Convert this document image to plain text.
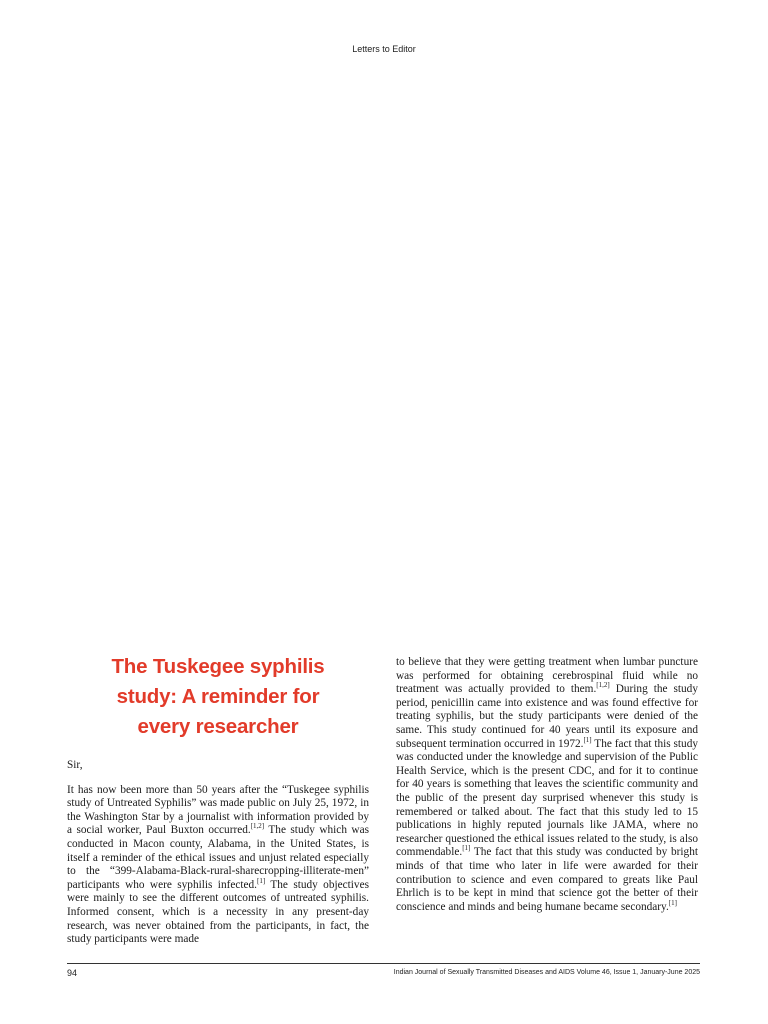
Letters to Editor
The Tuskegee syphilis
study: A reminder for
every researcher

Sir,

It has now been more than 50 years after the “Tuskegee syphilis study of Untreated Syphilis” was made public on July 25, 1972, in the Washington Star by a journalist with information provided by a social worker, Paul Buxton occurred.[1,2] The study which was conducted in Macon county, Alabama, in the United States, is itself a reminder of the ethical issues and unjust related especially to the “399-Alabama-Black-rural-sharecropping-illiterate-men” participants who were syphilis infected.[1] The study objectives were mainly to see the different outcomes of untreated syphilis. Informed consent, which is a necessity in any present-day research, was never obtained from the participants, in fact, the study participants were made

to believe that they were getting treatment when lumbar puncture was performed for obtaining cerebrospinal fluid while no treatment was actually provided to them.[1,2] During the study period, penicillin came into existence and was found effective for treating syphilis, but the study participants were denied of the same. This study continued for 40 years until its exposure and subsequent termination occurred in 1972.[1] The fact that this study was conducted under the knowledge and supervision of the Public Health Service, which is the present CDC, and for it to continue for 40 years is something that leaves the scientific community and the public of the present day surprised whenever this study is remembered or talked about. The fact that this study led to 15 publications in highly reputed journals like JAMA, where no researcher questioned the ethical issues related to the study, is also commendable.[1] The fact that this study was conducted by bright minds of that time who later in life were awarded for their contribution to science and even compared to greats like Paul Ehrlich is to be kept in mind that science got the better of their conscience and minds and being humane became secondary.[1]

94	Indian Journal of Sexually Transmitted Diseases and AIDS Volume 46, Issue 1, January-June 2025
